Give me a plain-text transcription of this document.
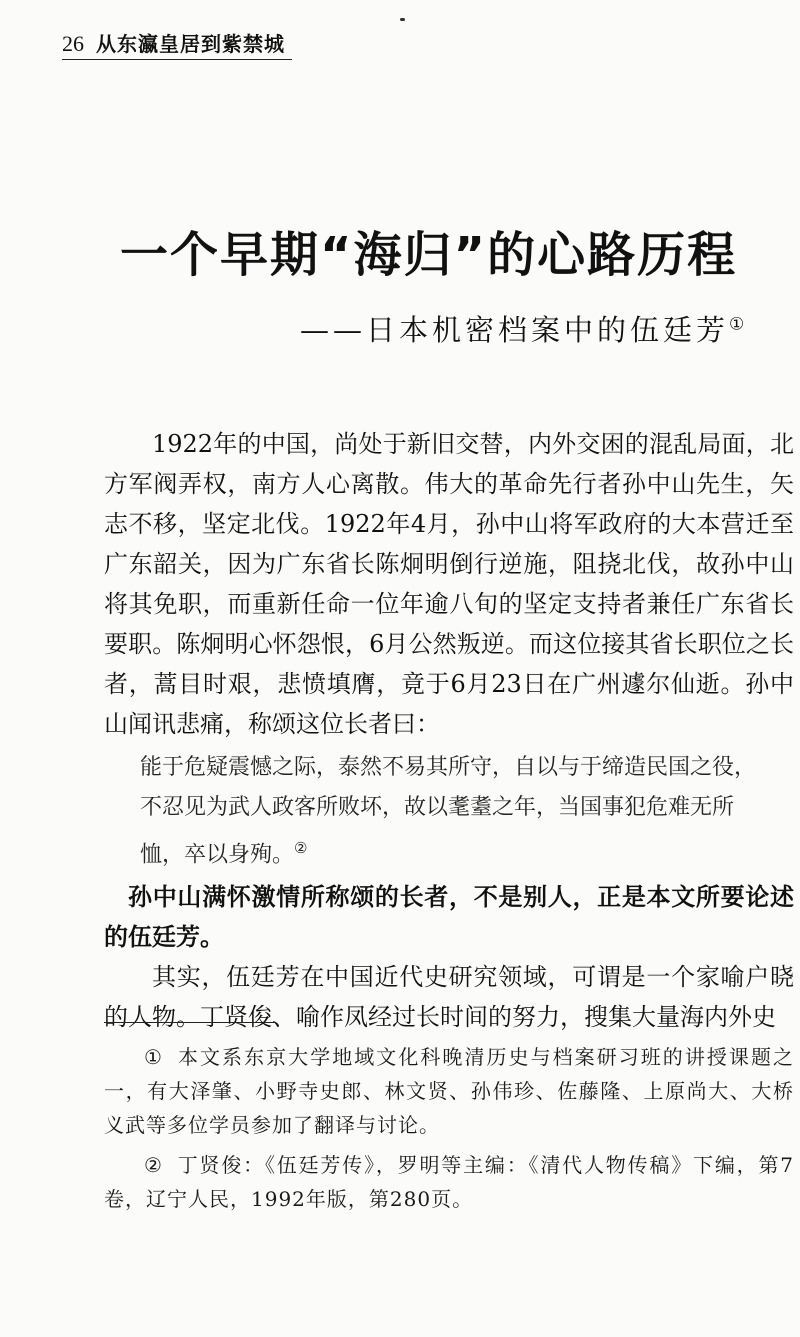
26 从东瀛皇居到紫禁城
一个早期“海归”的心路历程
——日本机密档案中的伍廷芳①

1922年的中国，尚处于新旧交替，内外交困的混乱局面，北方军阀弄权，南方人心离散。伟大的革命先行者孙中山先生，矢志不移，坚定北伐。1922年4月，孙中山将军政府的大本营迁至广东韶关，因为广东省长陈炯明倒行逆施，阻挠北伐，故孙中山将其免职，而重新任命一位年逾八旬的坚定支持者兼任广东省长要职。陈炯明心怀怨恨，6月公然叛逆。而这位接其省长职位之长者，蒿目时艰，悲愤填膺，竟于6月23日在广州遽尔仙逝。孙中山闻讯悲痛，称颂这位长者曰：

能于危疑震憾之际，泰然不易其所守，自以与于缔造民国之役，不忍见为武人政客所败坏，故以耄耋之年，当国事犯危难无所恤，卒以身殉。②

孙中山满怀激情所称颂的长者，不是别人，正是本文所要论述的伍廷芳。

其实，伍廷芳在中国近代史研究领域，可谓是一个家喻户晓的人物。丁贤俊、喻作凤经过长时间的努力，搜集大量海内外史

① 本文系东京大学地域文化科晚清历史与档案研习班的讲授课题之一，有大泽肇、小野寺史郎、林文贤、孙伟珍、佐藤隆、上原尚大、大桥义武等多位学员参加了翻译与讨论。

② 丁贤俊：《伍廷芳传》，罗明等主编：《清代人物传稿》下编，第7卷，辽宁人民，1992年版，第280页。
